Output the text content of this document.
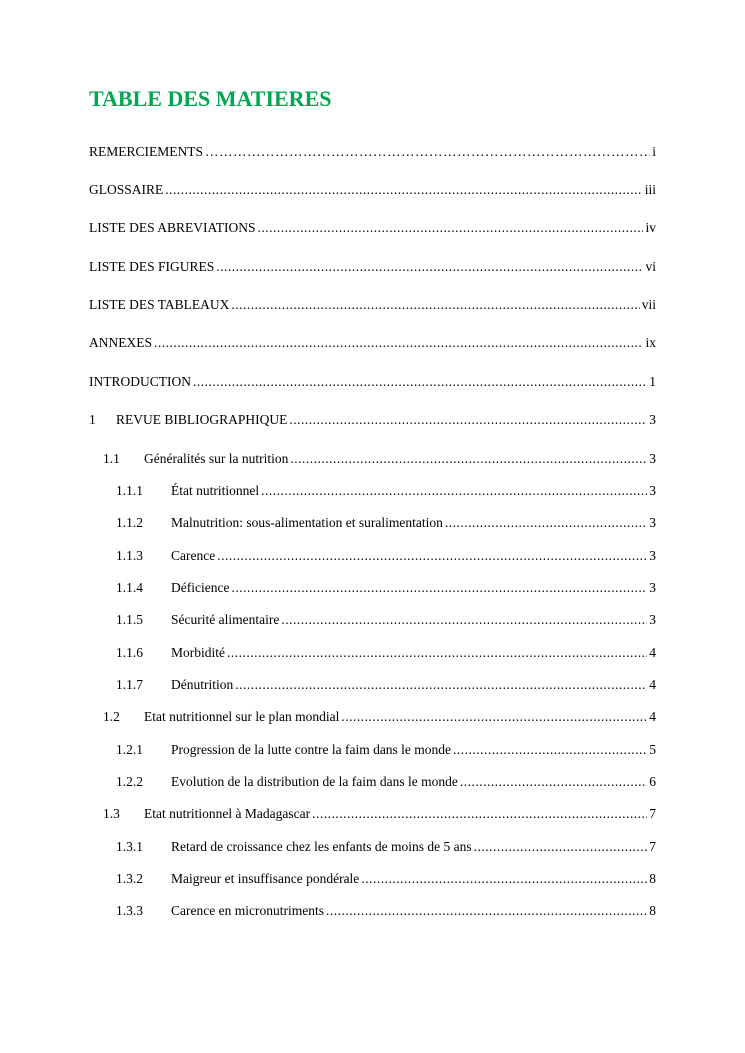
TABLE DES MATIERES
REMERCIEMENTS ………………………………………………………………………………………………………………………………………………………	i
GLOSSAIRE .....	iii
LISTE DES ABREVIATIONS .....	iv
LISTE DES FIGURES .....	vi
LISTE DES TABLEAUX .....	vii
ANNEXES .....	ix
INTRODUCTION .....	1
1	REVUE BIBLIOGRAPHIQUE .....	3
1.1	Généralités sur la nutrition .....	3
1.1.1	État nutritionnel .....	3
1.1.2	Malnutrition: sous-alimentation et suralimentation .....	3
1.1.3	Carence .....	3
1.1.4	Déficience .....	3
1.1.5	Sécurité alimentaire .....	3
1.1.6	Morbidité .....	4
1.1.7	Dénutrition .....	4
1.2	Etat nutritionnel sur le plan mondial .....	4
1.2.1	Progression de la lutte contre la faim dans le monde .....	5
1.2.2	Evolution de la distribution de la faim dans le monde .....	6
1.3	Etat nutritionnel à Madagascar .....	7
1.3.1	Retard de croissance chez les enfants de moins de 5 ans .....	7
1.3.2	Maigreur et insuffisance pondérale .....	8
1.3.3	Carence en micronutriments .....	8
